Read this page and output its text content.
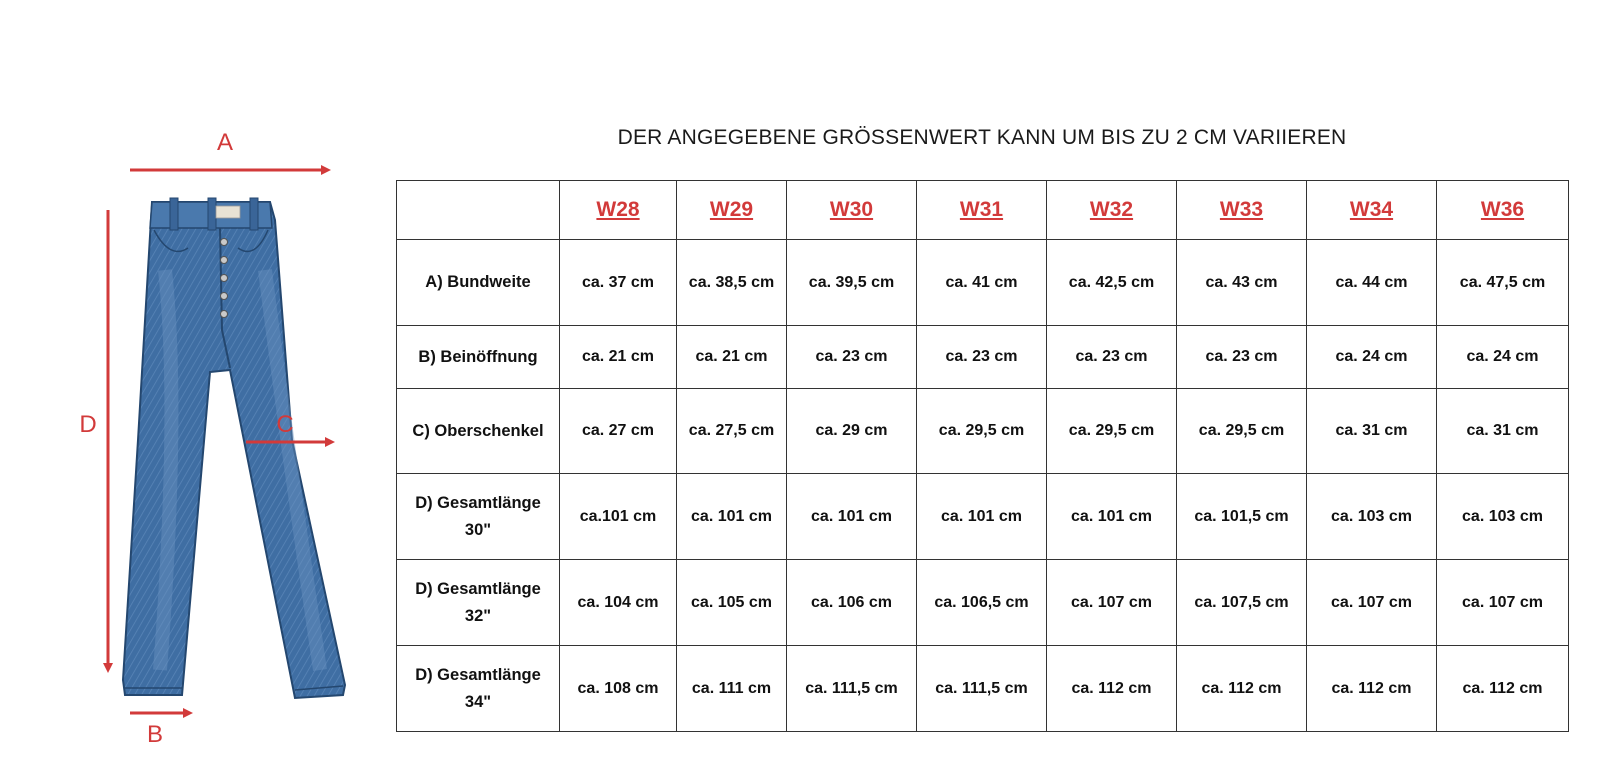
A
D	C
B
DER ANGEGEBENE GRÖSSENWERT KANN UM BIS ZU 2 CM VARIIEREN
	W28	W29	W30	W31	W32	W33	W34	W36
A) Bundweite	ca. 37 cm	ca. 38,5 cm	ca. 39,5 cm	ca. 41 cm	ca. 42,5 cm	ca. 43 cm	ca. 44 cm	ca. 47,5 cm
B) Beinöffnung	ca. 21 cm	ca. 21 cm	ca. 23 cm	ca. 23 cm	ca. 23 cm	ca. 23 cm	ca. 24 cm	ca. 24 cm
C) Oberschenkel	ca. 27 cm	ca. 27,5 cm	ca. 29 cm	ca. 29,5 cm	ca. 29,5 cm	ca. 29,5 cm	ca. 31 cm	ca. 31 cm
D) Gesamtlänge 30"	ca.101 cm	ca. 101 cm	ca. 101 cm	ca. 101 cm	ca. 101 cm	ca. 101,5 cm	ca. 103 cm	ca. 103 cm
D) Gesamtlänge 32"	ca. 104 cm	ca. 105 cm	ca. 106 cm	ca. 106,5 cm	ca. 107 cm	ca. 107,5 cm	ca. 107 cm	ca. 107 cm
D) Gesamtlänge 34"	ca. 108 cm	ca. 111 cm	ca. 111,5 cm	ca. 111,5 cm	ca. 112 cm	ca. 112 cm	ca. 112 cm	ca. 112 cm
